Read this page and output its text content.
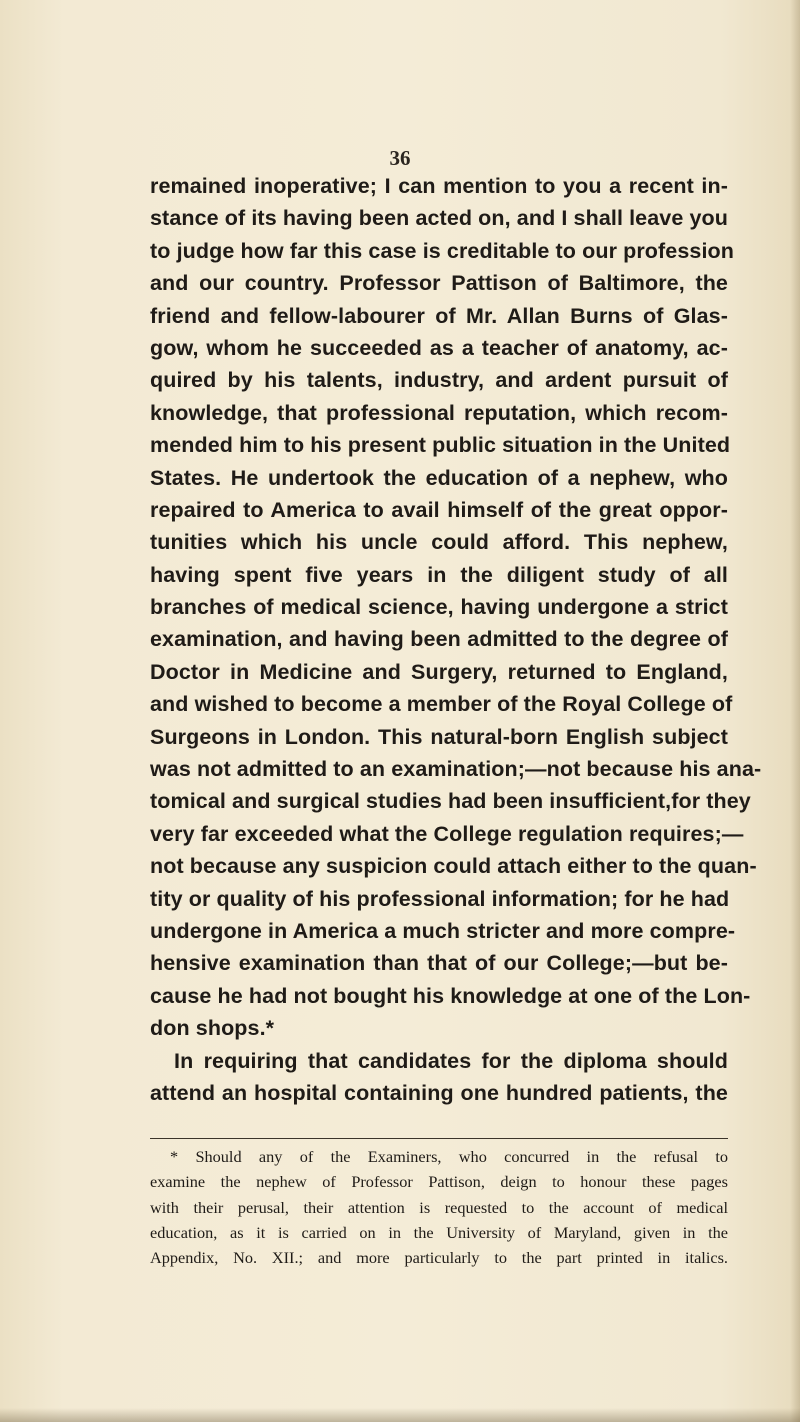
36
remained inoperative; I can mention to you a recent in-
stance of its having been acted on, and I shall leave you
to judge how far this case is creditable to our profession
and our country. Professor Pattison of Baltimore, the
friend and fellow-labourer of Mr. Allan Burns of Glas-
gow, whom he succeeded as a teacher of anatomy, ac-
quired by his talents, industry, and ardent pursuit of
knowledge, that professional reputation, which recom-
mended him to his present public situation in the United
States. He undertook the education of a nephew, who
repaired to America to avail himself of the great oppor-
tunities which his uncle could afford. This nephew,
having spent five years in the diligent study of all
branches of medical science, having undergone a strict
examination, and having been admitted to the degree of
Doctor in Medicine and Surgery, returned to England,
and wished to become a member of the Royal College of
Surgeons in London. This natural-born English subject
was not admitted to an examination;—not because his ana-
tomical and surgical studies had been insufficient,for they
very far exceeded what the College regulation requires;—
not because any suspicion could attach either to the quan-
tity or quality of his professional information; for he had
undergone in America a much stricter and more compre-
hensive examination than that of our College;—but be-
cause he had not bought his knowledge at one of the Lon-
don shops.*
In requiring that candidates for the diploma should
attend an hospital containing one hundred patients, the
* Should any of the Examiners, who concurred in the refusal to
examine the nephew of Professor Pattison, deign to honour these pages
with their perusal, their attention is requested to the account of medical
education, as it is carried on in the University of Maryland, given in the
Appendix, No. XII.; and more particularly to the part printed in italics.
